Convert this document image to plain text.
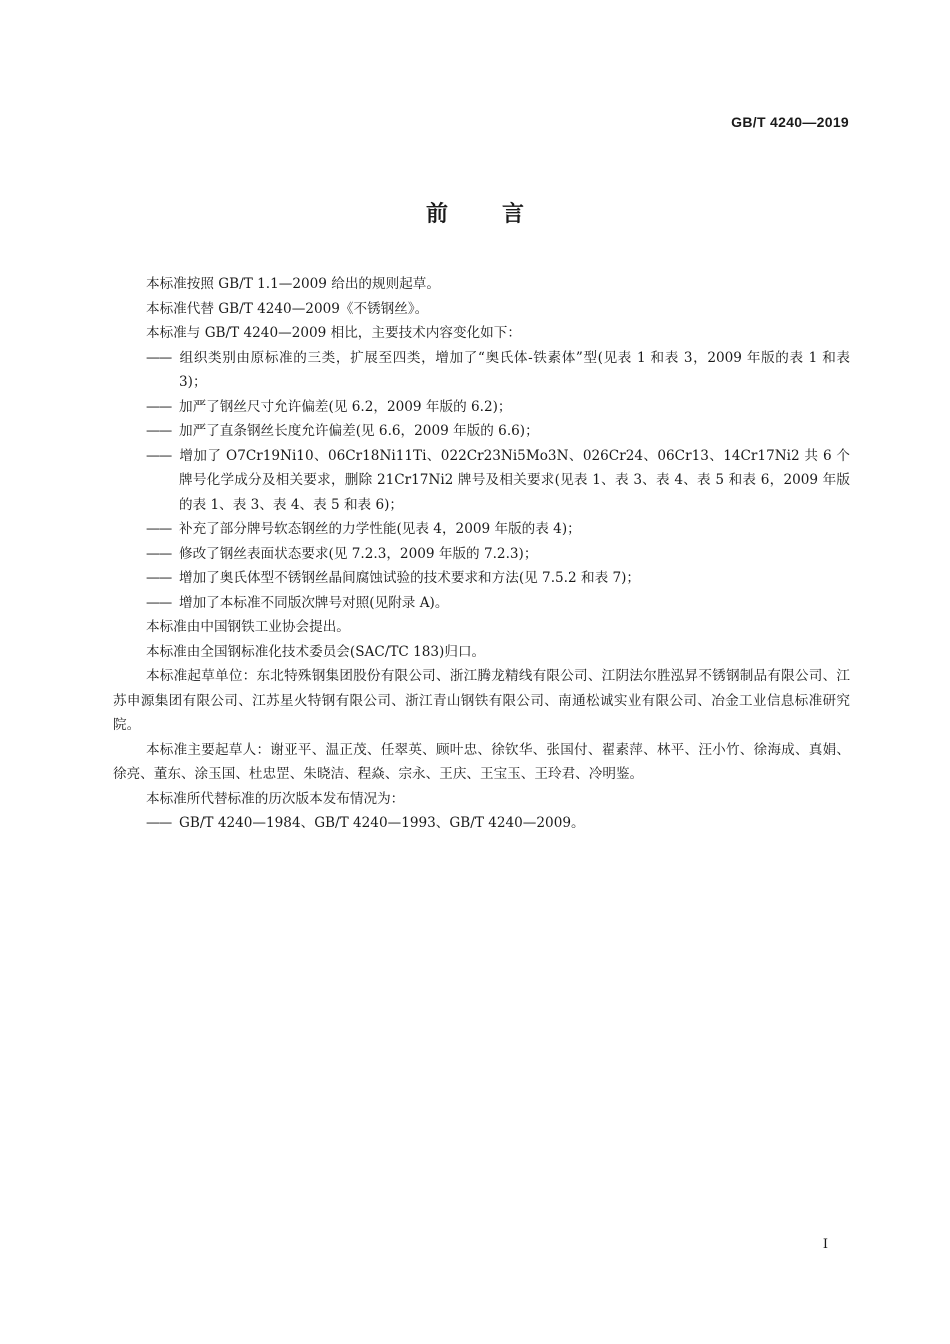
GB/T 4240—2019
前言

本标准按照 GB/T 1.1—2009 给出的规则起草。

本标准代替 GB/T 4240—2009《不锈钢丝》。

本标准与 GB/T 4240—2009 相比，主要技术内容变化如下：

—— 组织类别由原标准的三类，扩展至四类，增加了“奥氏体-铁素体”型(见表 1 和表 3，2009 年版的表 1 和表 3)；

—— 加严了钢丝尺寸允许偏差(见 6.2，2009 年版的 6.2)；

—— 加严了直条钢丝长度允许偏差(见 6.6，2009 年版的 6.6)；

—— 增加了 O7Cr19Ni10、06Cr18Ni11Ti、022Cr23Ni5Mo3N、026Cr24、06Cr13、14Cr17Ni2 共 6 个牌号化学成分及相关要求，删除 21Cr17Ni2 牌号及相关要求(见表 1、表 3、表 4、表 5 和表 6，2009 年版的表 1、表 3、表 4、表 5 和表 6)；

—— 补充了部分牌号软态钢丝的力学性能(见表 4，2009 年版的表 4)；

—— 修改了钢丝表面状态要求(见 7.2.3，2009 年版的 7.2.3)；

—— 增加了奥氏体型不锈钢丝晶间腐蚀试验的技术要求和方法(见 7.5.2 和表 7)；

—— 增加了本标准不同版次牌号对照(见附录 A)。

本标准由中国钢铁工业协会提出。

本标准由全国钢标准化技术委员会(SAC/TC 183)归口。

本标准起草单位：东北特殊钢集团股份有限公司、浙江腾龙精线有限公司、江阴法尔胜泓昇不锈钢制品有限公司、江苏申源集团有限公司、江苏星火特钢有限公司、浙江青山钢铁有限公司、南通松诚实业有限公司、冶金工业信息标准研究院。

本标准主要起草人：谢亚平、温正茂、任翠英、顾叶忠、徐钦华、张国付、翟素萍、林平、汪小竹、徐海成、真娟、徐亮、董东、涂玉国、杜忠罡、朱晓洁、程焱、宗永、王庆、王宝玉、王玲君、冷明鉴。

本标准所代替标准的历次版本发布情况为：

—— GB/T 4240—1984、GB/T 4240—1993、GB/T 4240—2009。

I
